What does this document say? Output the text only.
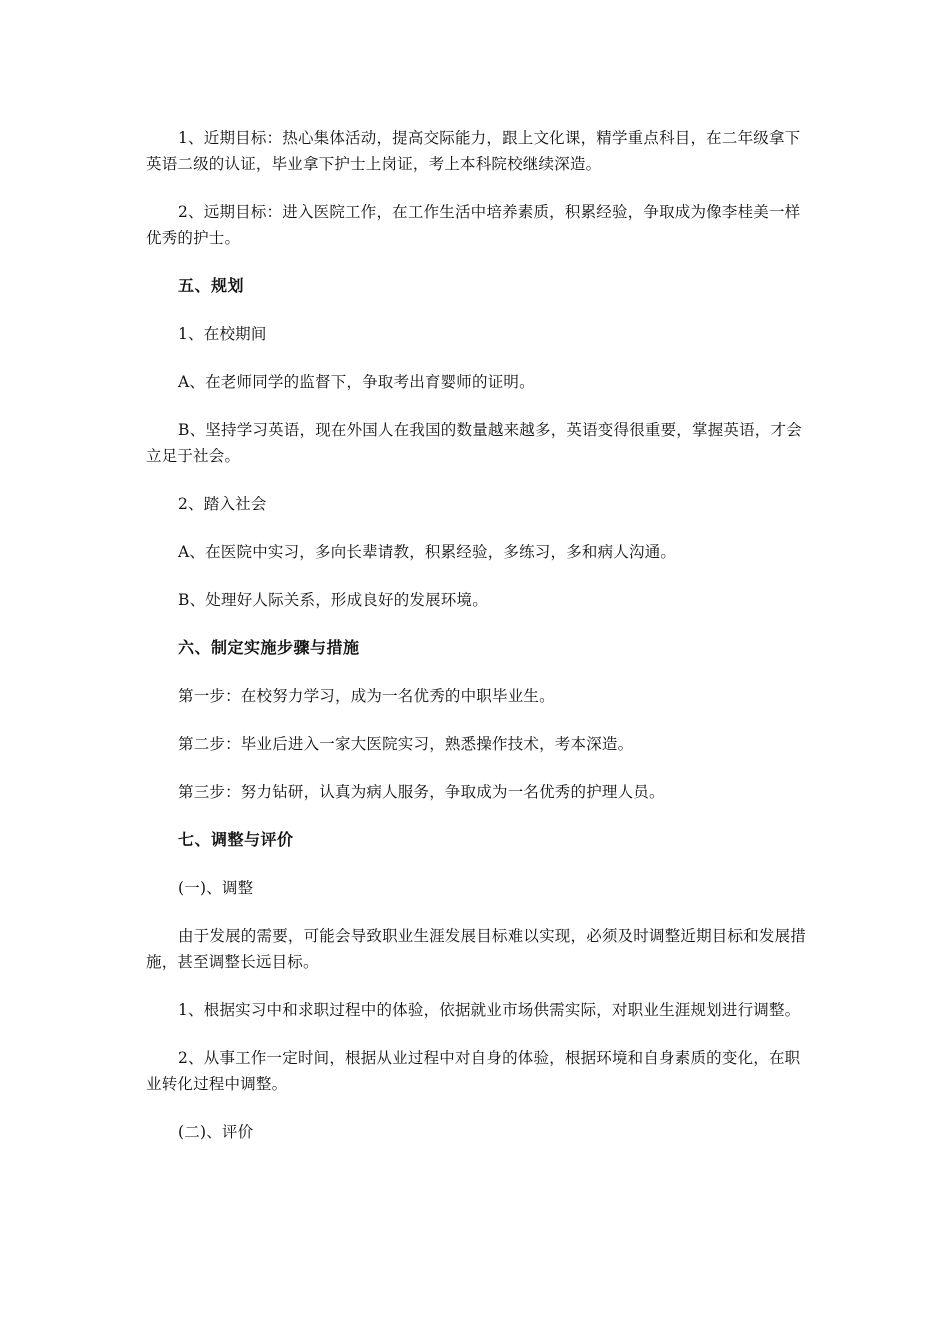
1、近期目标：热心集体活动，提高交际能力，跟上文化课，精学重点科目，在二年级拿下英语二级的认证，毕业拿下护士上岗证，考上本科院校继续深造。

2、远期目标：进入医院工作，在工作生活中培养素质，积累经验，争取成为像李桂美一样优秀的护士。

五、规划

1、在校期间

A、在老师同学的监督下，争取考出育婴师的证明。

B、坚持学习英语，现在外国人在我国的数量越来越多，英语变得很重要，掌握英语，才会立足于社会。

2、踏入社会

A、在医院中实习，多向长辈请教，积累经验，多练习，多和病人沟通。

B、处理好人际关系，形成良好的发展环境。

六、制定实施步骤与措施

第一步：在校努力学习，成为一名优秀的中职毕业生。

第二步：毕业后进入一家大医院实习，熟悉操作技术，考本深造。

第三步：努力钻研，认真为病人服务，争取成为一名优秀的护理人员。

七、调整与评价

(一)、调整

由于发展的需要，可能会导致职业生涯发展目标难以实现，必须及时调整近期目标和发展措施，甚至调整长远目标。

1、根据实习中和求职过程中的体验，依据就业市场供需实际，对职业生涯规划进行调整。

2、从事工作一定时间，根据从业过程中对自身的体验，根据环境和自身素质的变化，在职业转化过程中调整。

(二)、评价
